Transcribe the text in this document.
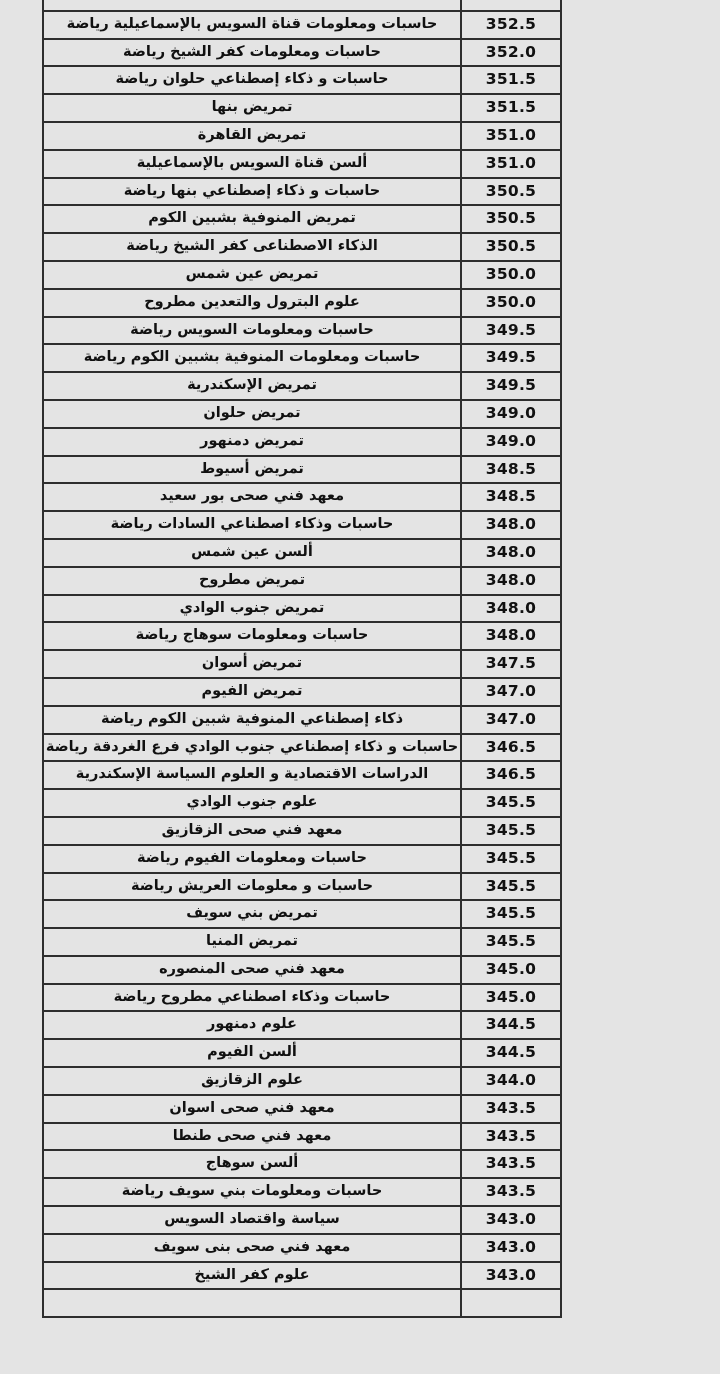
حاسبات ومعلومات قناة السويس بالإسماعيلية رياضة	352.5
حاسبات ومعلومات كفر الشيخ رياضة	352.0
حاسبات و ذكاء إصطناعي حلوان رياضة	351.5
تمريض بنها	351.5
تمريض القاهرة	351.0
ألسن قناة السويس بالإسماعيلية	351.0
حاسبات و ذكاء إصطناعي بنها رياضة	350.5
تمريض المنوفية بشبين الكوم	350.5
الذكاء الاصطناعى كفر الشيخ رياضة	350.5
تمريض عين شمس	350.0
علوم البترول والتعدين مطروح	350.0
حاسبات ومعلومات السويس رياضة	349.5
حاسبات ومعلومات المنوفية بشبين الكوم رياضة	349.5
تمريض الإسكندرية	349.5
تمريض حلوان	349.0
تمريض دمنهور	349.0
تمريض أسيوط	348.5
معهد فني صحى بور سعيد	348.5
حاسبات وذكاء اصطناعي السادات رياضة	348.0
ألسن عين شمس	348.0
تمريض مطروح	348.0
تمريض جنوب الوادي	348.0
حاسبات ومعلومات سوهاج رياضة	348.0
تمريض أسوان	347.5
تمريض الفيوم	347.0
ذكاء إصطناعي المنوفية شبين الكوم رياضة	347.0
حاسبات و ذكاء إصطناعي جنوب الوادي فرع الغردقة رياضة	346.5
الدراسات الاقتصادية و العلوم السياسة الإسكندرية	346.5
علوم جنوب الوادي	345.5
معهد فني صحى الزقازيق	345.5
حاسبات ومعلومات الفيوم رياضة	345.5
حاسبات و معلومات العريش رياضة	345.5
تمريض بني سويف	345.5
تمريض المنيا	345.5
معهد فني صحى المنصوره	345.0
حاسبات وذكاء اصطناعي مطروح رياضة	345.0
علوم دمنهور	344.5
ألسن الفيوم	344.5
علوم الزقازيق	344.0
معهد فني صحى اسوان	343.5
معهد فني صحى طنطا	343.5
ألسن سوهاج	343.5
حاسبات ومعلومات بني سويف رياضة	343.5
سياسة واقتصاد السويس	343.0
معهد فني صحى بنى سويف	343.0
علوم كفر الشيخ	343.0
